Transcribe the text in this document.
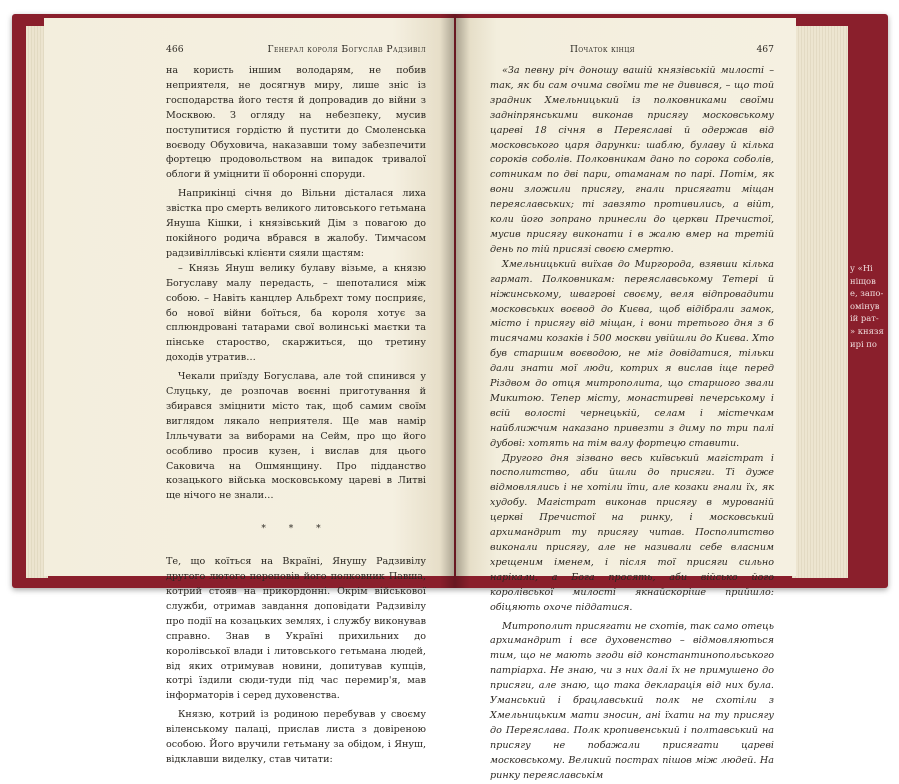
466	Генерал короля Богуслав Радзивіл

на користь іншим володарям, не побив неприятеля, не досягнув миру, лише зніс із господарства його тестя й допровадив до війни з Москвою. З огляду на небезпеку, мусив поступитися гордістю й пустити до Смоленська воєводу Обуховича, наказавши тому забезпечити фортецю продовольством на випадок тривалої облоги й уміцнити її оборонні споруди.

Наприкінці січня до Вільни дісталася лиха звістка про смерть великого литовського гетьмана Януша Кішки, і князівський Дім з повагою до покійного родича вбрався в жалобу. Тимчасом радзивіллівські клієнти сяяли щастям:

– Князь Януш велику булаву візьме, а князю Богуславу малу передасть, – шепоталися між собою. – Навіть канцлер Альбрехт тому посприяє, бо нової війни боїться, ба короля хотує за сплюндровані татарами свої волинські маєтки та пінське староство, скаржиться, що третину доходів утратив…

Чекали приїзду Богуслава, але той спинився у Слуцьку, де розпочав воєнні приготування й збирався зміцнити місто так, щоб самим своїм виглядом лякало неприятеля. Ще мав намір Ілльчувати за виборами на Сейм, про що його особливо просив кузен, і вислав для цього Саковича на Ошмянщину. Про підданство козацького війська московському цареві в Литві ще нічого не знали…

* * *

Те, що коїться на Вкраїні, Янушу Радзивілу другого лютого переповів його полковник Павша, котрий стояв на прикордонні. Окрім військової служби, отримав завдання доповідати Радзивілу про події на козацьких землях, і службу виконував справно. Знав в Україні прихильних до королівської влади і литовського гетьмана людей, від яких отримував новини, допитував купців, котрі їздили сюди-туди під час перемир'я, мав інформаторів і серед духовенства.

Князю, котрий із родиною перебував у своєму віленському палаці, прислав листа з довіреною особою. Його вручили гетьману за обідом, і Януш, відклавши виделку, став читати:

Початок кінця	467

«За певну річ доношу вашій князівській милості – так, як би сам очима своїми те не дивився, – що той зрадник Хмельницький із полковниками своїми задніпрянськими виконав присягу московському цареві 18 січня в Переяславі й одержав від московського царя дарунки: шаблю, булаву й кілька сорокiв соболів. Полковникам дано по сорока соболів, сотникам по дві пари, отаманам по парі. Потім, як вони зложили присягу, гнали присягати міщан переяславських; ті завзято противились, а війт, коли його зопрано принесли до церкви Пречистої, мусив присягу виконати і в жалю вмер на третій день по тій присязі своєю смертю.

Хмельницький виїхав до Миргорода, взявши кілька гармат. Полковникам: переяславському Тетері й ніжинському, швагрові своєму, веля відпровадити московських воєвод до Києва, щоб відібрали замок, місто і присягу від міщан, і вони третього дня з 6 тисячами козаків і 500 москви увійшли до Києва. Хто був старшим воєводою, не міг довідатися, тільки дали знати мої люди, котрих я вислав іще перед Різдвом до отця митрополита, що старшого звали Микитою. Тепер місту, монастиреві печерському і всій волості чернецькій, селам і містечкам найближчим наказано привезти з диму по три палі дубові: хотять на тім валу фортецю ставити.

Другого дня зізвано весь київський магістрат і посполитство, аби йшли до присяги. Ті дуже відмовлялись і не хотіли їти, але козаки гнали їх, як худобу. Магістрат виконав присягу в мурованій церкві Пречистої на ринку, і московський архимандрит ту присягу читав. Посполитство виконали присягу, але не називали себе власним хрещеним іменем, і після тої присяги сильно нарікали, а Бога просять, аби військо його королівської милості якнайскоріше прийшло: обіцяють охоче піддатися.

Митрополит присягати не схотів, так само отець архимандрит і все духовенство – відмовляються тим, що не мають згоди від константинопольського патріарха. Не знаю, чи з них далі їх не примушено до присяги, але знаю, що така декларація від них була. Уманський і брацлавський полк не схотіли з Хмельницьким мати зносин, ані їхати на ту присягу до Переяслава. Полк кропивенський і полтавський на присягу не побажали присягати цареві московському. Великий пострах пішов між людей. На ринку переяславськім

у «Ні
ніщов
е, запо-
омінув
ій рат-
» князя
ирі по
